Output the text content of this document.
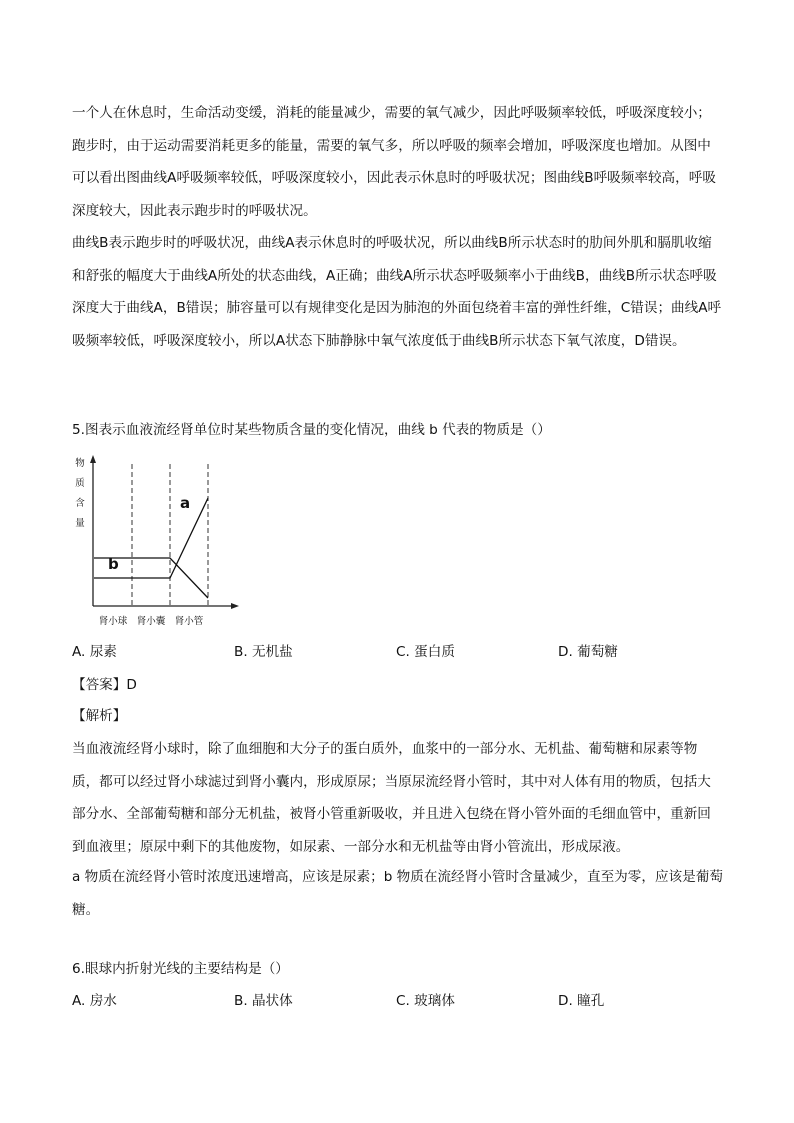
一个人在休息时，生命活动变缓，消耗的能量减少，需要的氧气减少，因此呼吸频率较低，呼吸深度较小；跑步时，由于运动需要消耗更多的能量，需要的氧气多，所以呼吸的频率会增加，呼吸深度也增加。从图中可以看出图曲线A呼吸频率较低，呼吸深度较小，因此表示休息时的呼吸状况；图曲线B呼吸频率较高，呼吸深度较大，因此表示跑步时的呼吸状况。

曲线B表示跑步时的呼吸状况，曲线A表示休息时的呼吸状况，所以曲线B所示状态时的肋间外肌和膈肌收缩和舒张的幅度大于曲线A所处的状态曲线，A正确；曲线A所示状态呼吸频率小于曲线B，曲线B所示状态呼吸深度大于曲线A，B错误；肺容量可以有规律变化是因为肺泡的外面包绕着丰富的弹性纤维，C错误；曲线A呼吸频率较低，呼吸深度较小，所以A状态下肺静脉中氧气浓度低于曲线B所示状态下氧气浓度，D错误。

5.图表示血液流经肾单位时某些物质含量的变化情况，曲线 b 代表的物质是（）
物
质
含
量
a
b
肾小球 肾小囊 肾小管
A. 尿素	B. 无机盐	C. 蛋白质	D. 葡萄糖
【答案】D
【解析】

当血液流经肾小球时，除了血细胞和大分子的蛋白质外，血浆中的一部分水、无机盐、葡萄糖和尿素等物质，都可以经过肾小球滤过到肾小囊内，形成原尿；当原尿流经肾小管时，其中对人体有用的物质，包括大部分水、全部葡萄糖和部分无机盐，被肾小管重新吸收，并且进入包绕在肾小管外面的毛细血管中，重新回到血液里；原尿中剩下的其他废物，如尿素、一部分水和无机盐等由肾小管流出，形成尿液。

a 物质在流经肾小管时浓度迅速增高，应该是尿素；b 物质在流经肾小管时含量减少，直至为零，应该是葡萄糖。

6.眼球内折射光线的主要结构是（）
A. 房水	B. 晶状体	C. 玻璃体	D. 瞳孔
